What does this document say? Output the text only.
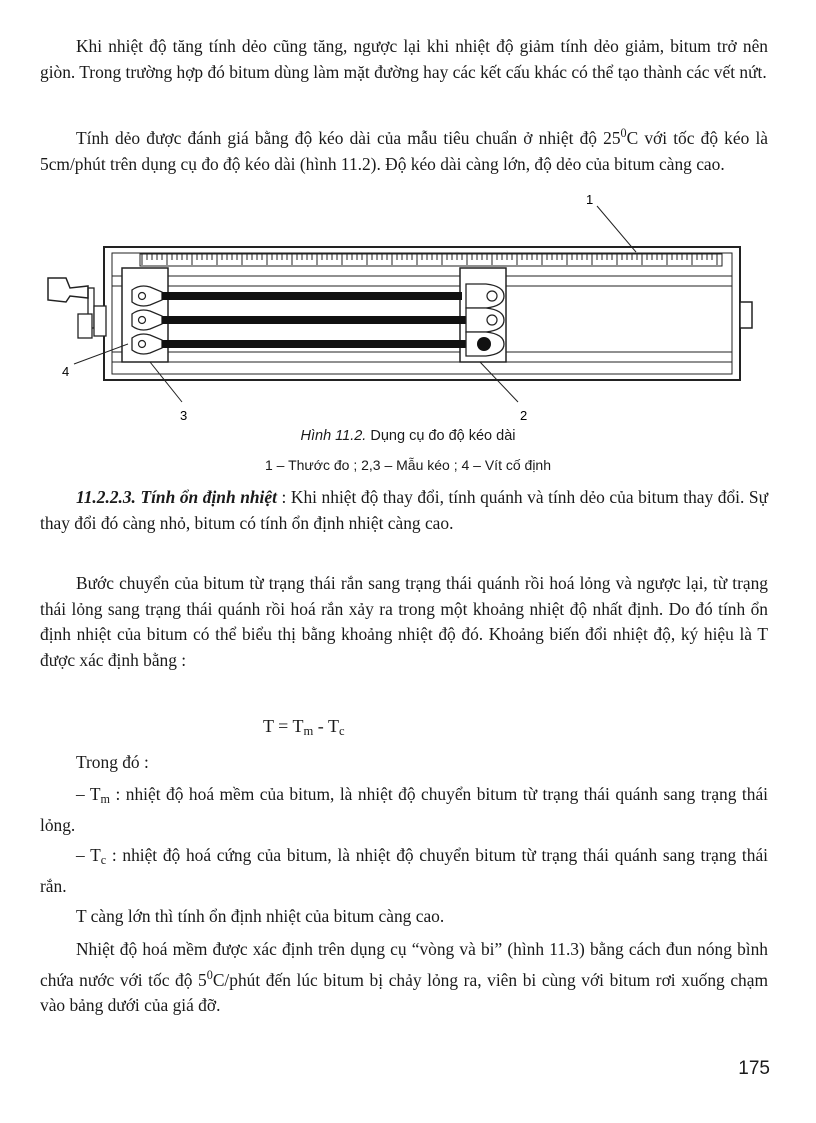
Khi nhiệt độ tăng tính dẻo cũng tăng, ngược lại khi nhiệt độ giảm tính dẻo giảm, bitum trở nên giòn. Trong trường hợp đó bitum dùng làm mặt đường hay các kết cấu khác có thể tạo thành các vết nứt.

Tính dẻo được đánh giá bằng độ kéo dài của mẫu tiêu chuẩn ở nhiệt độ $25^0C$ với tốc độ kéo là 5cm/phút trên dụng cụ đo độ kéo dài (hình 11.2). Độ kéo dài càng lớn, độ dẻo của bitum càng cao.

1
2
3
4
Hình 11.2. Dụng cụ đo độ kéo dài
1 – Thước đo ; 2,3 – Mẫu kéo ; 4 – Vít cố định

11.2.2.3. Tính ổn định nhiệt : Khi nhiệt độ thay đổi, tính quánh và tính dẻo của bitum thay đổi. Sự thay đổi đó càng nhỏ, bitum có tính ổn định nhiệt càng cao.

Bước chuyển của bitum từ trạng thái rắn sang trạng thái quánh rồi hoá lỏng và ngược lại, từ trạng thái lỏng sang trạng thái quánh rồi hoá rắn xảy ra trong một khoảng nhiệt độ nhất định. Do đó tính ổn định nhiệt của bitum có thể biểu thị bằng khoảng nhiệt độ đó. Khoảng biến đổi nhiệt độ, ký hiệu là T được xác định bằng :

$T = T_m - T_c$

Trong đó :

– $T_m$ : nhiệt độ hoá mềm của bitum, là nhiệt độ chuyển bitum từ trạng thái quánh sang trạng thái lỏng.

– $T_c$ : nhiệt độ hoá cứng của bitum, là nhiệt độ chuyển bitum từ trạng thái quánh sang trạng thái rắn.

T càng lớn thì tính ổn định nhiệt của bitum càng cao.

Nhiệt độ hoá mềm được xác định trên dụng cụ “vòng và bi” (hình 11.3) bằng cách đun nóng bình chứa nước với tốc độ $5^0C$/phút đến lúc bitum bị chảy lỏng ra, viên bi cùng với bitum rơi xuống chạm vào bảng dưới của giá đỡ.

175
